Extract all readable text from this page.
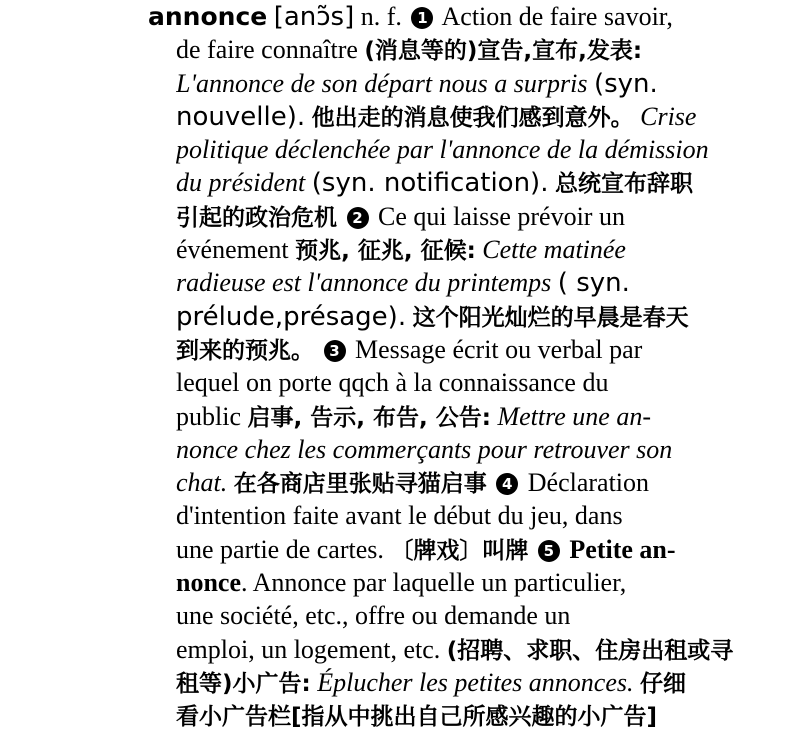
annonce [anɔ̃s] n. f. 1 Action de faire savoir,
de faire connaître (消息等的)宣告,宣布,发表:
L'annonce de son départ nous a surpris (syn.
nouvelle). 他出走的消息使我们感到意外。 Crise
politique déclenchée par l'annonce de la démission
du président (syn. notification). 总统宣布辞职
引起的政治危机 2 Ce qui laisse prévoir un
événement 预兆, 征兆, 征候: Cette matinée
radieuse est l'annonce du printemps ( syn.
prélude,présage). 这个阳光灿烂的早晨是春天
到来的预兆。 3 Message écrit ou verbal par
lequel on porte qqch à la connaissance du
public 启事, 告示, 布告, 公告: Mettre une an-
nonce chez les commerçants pour retrouver son
chat. 在各商店里张贴寻猫启事 4 Déclaration
d'intention faite avant le début du jeu, dans
une partie de cartes. 〔牌戏〕叫牌 5 Petite an-
nonce. Annonce par laquelle un particulier,
une société, etc., offre ou demande un
emploi, un logement, etc. (招聘、求职、住房出租或寻
租等)小广告: Éplucher les petites annonces. 仔细
看小广告栏[指从中挑出自己所感兴趣的小广告]
